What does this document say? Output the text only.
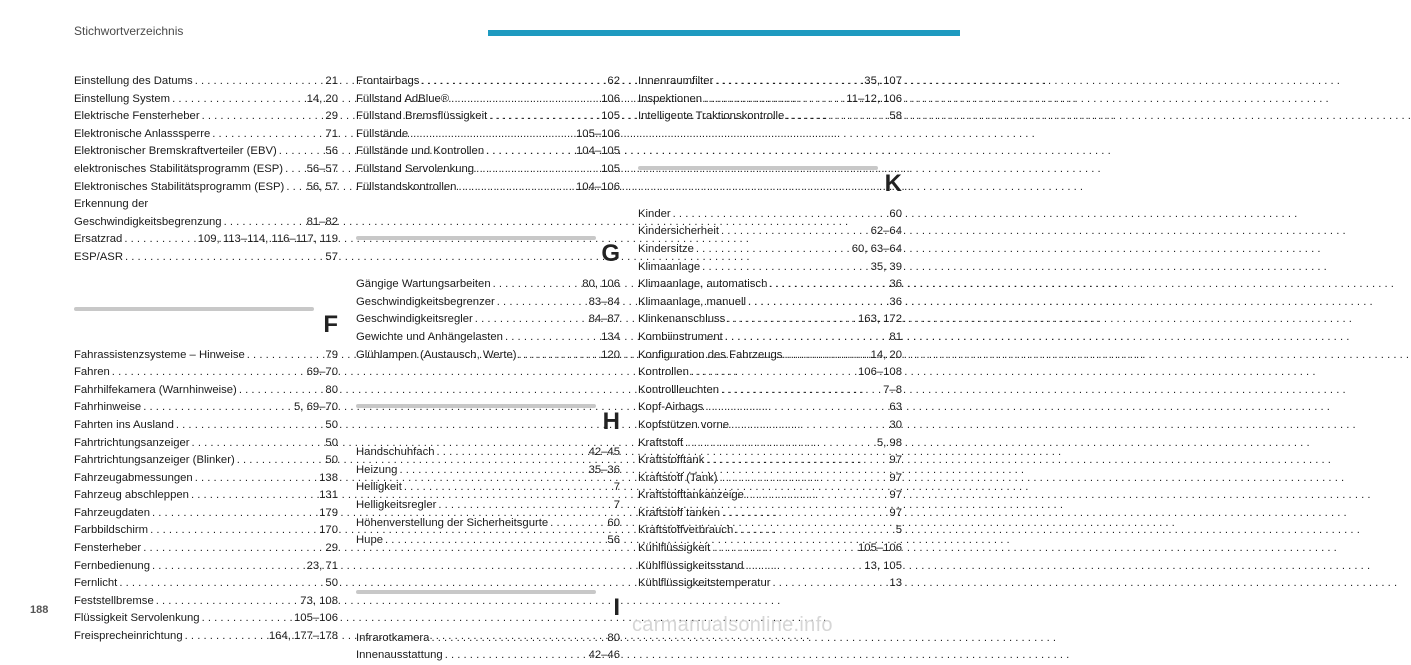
Stichwortverzeichnis
Einstellung des Datums . . .	21
Einstellung System . . .	14, 20
Elektrische Fensterheber . . .	29
Elektronische Anlasssperre . . .	71
Elektronischer Bremskraftverteiler (EBV) . . .	56
elektronisches Stabilitätsprogramm (ESP) . . . 56–57
Elektronisches Stabilitätsprogramm (ESP) . . . 56, 57
Erkennung der
Geschwindigkeitsbegrenzung . . .	81–82
Ersatzrad . . .	109, 113–114, 116–117, 119
ESP/ASR . . .	57
F
Fahrassistenzsysteme – Hinweise . . .	79
Fahren . . .	69–70
Fahrhilfekamera (Warnhinweise) . . .	80
Fahrhinweise . . .	5, 69–70
Fahrten ins Ausland . . .	50
Fahrtrichtungsanzeiger . . .	50
Fahrtrichtungsanzeiger (Blinker) . . .	50
Fahrzeugabmessungen . . .	138
Fahrzeug abschleppen . . .	131
Fahrzeugdaten . . .	179
Farbbildschirm . . .	170
Fensterheber . . .	29
Fernbedienung . . .	23, 71
Fernlicht . . .	50
Feststellbremse . . .	73, 108
Flüssigkeit Servolenkung . . .	105–106
Freisprecheinrichtung . . .	164, 177–178
Frontairbags . . .	62
Füllstand AdBlue® . . .	106
Füllstand Bremsflüssigkeit . . .	105
Füllstände . . .	105–106
Füllstände und Kontrollen . . .	104–105
Füllstand Servolenkung . . .	105
Füllstandskontrollen . . .	104–106
G
Gängige Wartungsarbeiten . . .	80, 106
Geschwindigkeitsbegrenzer . . .	83–84
Geschwindigkeitsregler . . .	84–87
Gewichte und Anhängelasten . . .	134
Glühlampen (Austausch, Werte) . . .	120
H
Handschuhfach . . .	42–45
Heizung . . .	35–36
Helligkeit . . .	7
Helligkeitsregler . . .	7
Höhenverstellung der Sicherheitsgurte . . .	60
Hupe . . .	56
I
Infrarotkamera . . .	80
Innenausstattung . . .	42–46
Innenraumfilter . . .	35, 107
Inspektionen . . .	11–12, 106
Intelligente Traktionskontrolle . . .	58
K
Kinder . . .	60
Kindersicherheit . . .	62–64
Kindersitze . . .	60, 63–64
Klimaanlage . . .	35, 39
Klimaanlage, automatisch . . .	36
Klimaanlage, manuell . . .	36
Klinkenanschluss . . .	163, 172
Kombiinstrument . . .	81
Konfiguration des Fahrzeugs . . .	14, 20
Kontrollen . . .	106–108
Kontrollleuchten . . .	7–8
Kopf-Airbags . . .	63
Kopfstützen vorne . . .	30
Kraftstoff . . .	5, 98
Kraftstofftank . . .	97
Kraftstoff (Tank) . . .	97
Kraftstofftankanzeige . . .	97
Kraftstoff tanken . . .	97
Kraftstoffverbrauch . . .	5
Kühlflüssigkeit . . .	105–106
Kühlflüssigkeitsstand . . .	13, 105
Kühlflüssigkeitstemperatur . . .	13
188
carmanualsonline.info
